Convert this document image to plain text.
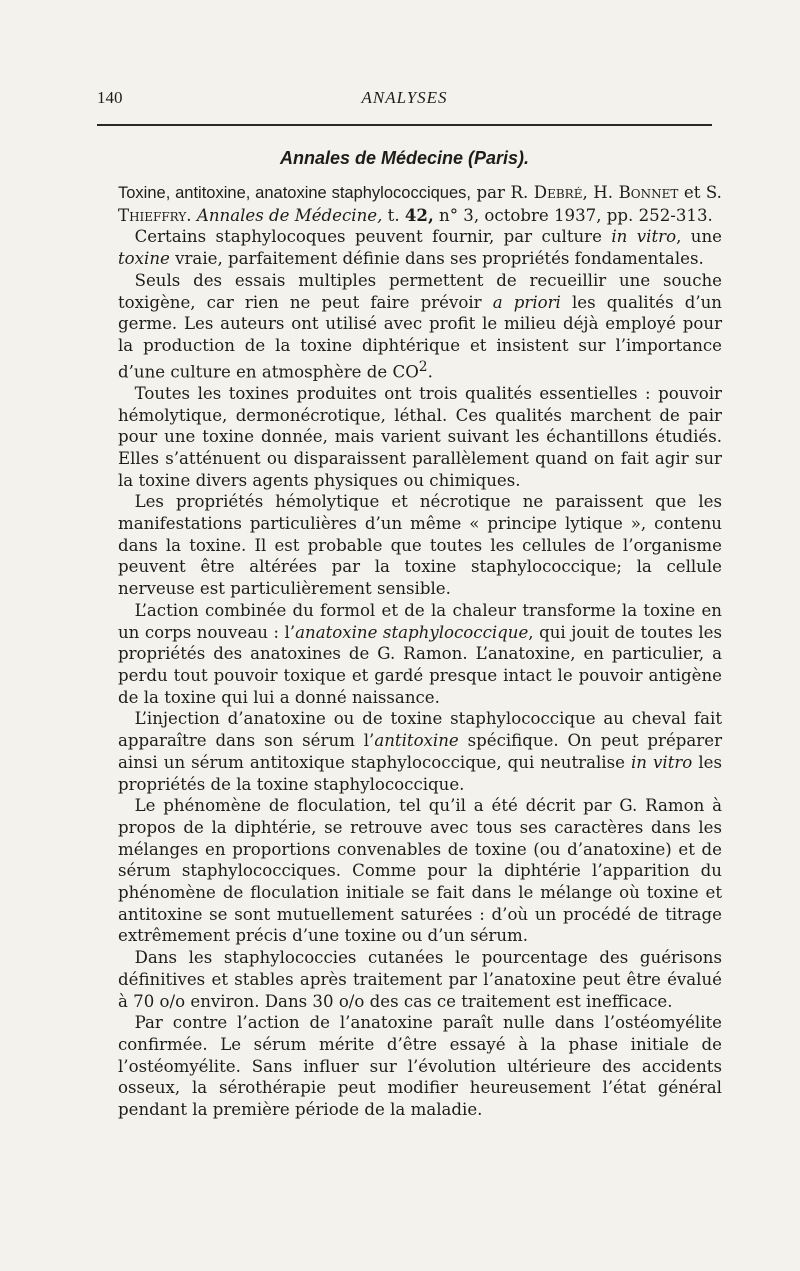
140	ANALYSES
Annales de Médecine (Paris).

Toxine, antitoxine, anatoxine staphylococciques, par R. Debré, H. Bonnet et S. Thieffry. Annales de Médecine, t. 42, n° 3, octobre 1937, pp. 252-313.

 Certains staphylocoques peuvent fournir, par culture in vitro, une toxine vraie, parfaitement définie dans ses propriétés fondamentales.

 Seuls des essais multiples permettent de recueillir une souche toxigène, car rien ne peut faire prévoir a priori les qualités d’un germe. Les auteurs ont utilisé avec profit le milieu déjà employé pour la production de la toxine diphtérique et insistent sur l’importance d’une culture en atmosphère de $CO^2$.

 Toutes les toxines produites ont trois qualités essentielles : pouvoir hémolytique, dermonécrotique, léthal. Ces qualités marchent de pair pour une toxine donnée, mais varient suivant les échantillons étudiés. Elles s’atténuent ou disparaissent parallèlement quand on fait agir sur la toxine divers agents physiques ou chimiques.

 Les propriétés hémolytique et nécrotique ne paraissent que les manifestations particulières d’un même « principe lytique », contenu dans la toxine. Il est probable que toutes les cellules de l’organisme peuvent être altérées par la toxine staphylococcique; la cellule nerveuse est particulièrement sensible.

 L’action combinée du formol et de la chaleur transforme la toxine en un corps nouveau : l’anatoxine staphylococcique, qui jouit de toutes les propriétés des anatoxines de G. Ramon. L’anatoxine, en particulier, a perdu tout pouvoir toxique et gardé presque intact le pouvoir antigène de la toxine qui lui a donné naissance.

 L’injection d’anatoxine ou de toxine staphylococcique au cheval fait apparaître dans son sérum l’antitoxine spécifique. On peut préparer ainsi un sérum antitoxique staphylococcique, qui neutralise in vitro les propriétés de la toxine staphylococcique.

 Le phénomène de floculation, tel qu’il a été décrit par G. Ramon à propos de la diphtérie, se retrouve avec tous ses caractères dans les mélanges en proportions convenables de toxine (ou d’anatoxine) et de sérum staphylococciques. Comme pour la diphtérie l’apparition du phénomène de floculation initiale se fait dans le mélange où toxine et antitoxine se sont mutuellement saturées : d’où un procédé de titrage extrêmement précis d’une toxine ou d’un sérum.

 Dans les staphylococcies cutanées le pourcentage des guérisons définitives et stables après traitement par l’anatoxine peut être évalué à 70 o/o environ. Dans 30 o/o des cas ce traitement est inefficace.

 Par contre l’action de l’anatoxine paraît nulle dans l’ostéomyélite confirmée. Le sérum mérite d’être essayé à la phase initiale de l’ostéomyélite. Sans influer sur l’évolution ultérieure des accidents osseux, la sérothérapie peut modifier heureusement l’état général pendant la première période de la maladie.
